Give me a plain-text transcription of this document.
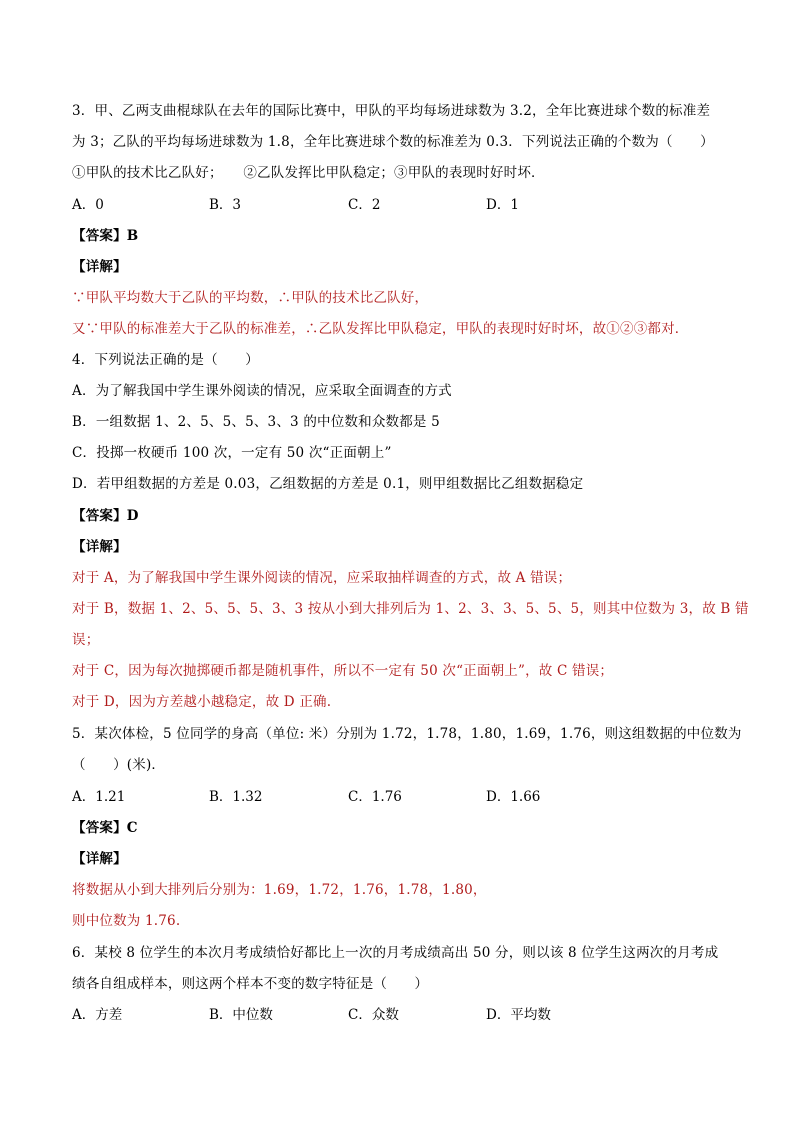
3．甲、乙两支曲棍球队在去年的国际比赛中，甲队的平均每场进球数为 3.2，全年比赛进球个数的标准差
为 3；乙队的平均每场进球数为 1.8，全年比赛进球个数的标准差为 0.3．下列说法正确的个数为（　　）
①甲队的技术比乙队好；　　②乙队发挥比甲队稳定；③甲队的表现时好时坏．
A．0	B．3	C．2	D．1
【答案】B
【详解】
∵甲队平均数大于乙队的平均数，∴甲队的技术比乙队好，
又∵甲队的标准差大于乙队的标准差，∴乙队发挥比甲队稳定，甲队的表现时好时坏，故①②③都对．
4．下列说法正确的是（　　）
A．为了解我国中学生课外阅读的情况，应采取全面调查的方式
B．一组数据 1、2、5、5、5、3、3 的中位数和众数都是 5
C．投掷一枚硬币 100 次，一定有 50 次“正面朝上”
D．若甲组数据的方差是 0.03，乙组数据的方差是 0.1，则甲组数据比乙组数据稳定
【答案】D
【详解】
对于 A，为了解我国中学生课外阅读的情况，应采取抽样调查的方式，故 A 错误；
对于 B，数据 1、2、5、5、5、3、3 按从小到大排列后为 1、2、3、3、5、5、5，则其中位数为 3，故 B 错
误；
对于 C，因为每次抛掷硬币都是随机事件，所以不一定有 50 次“正面朝上”，故 C 错误；
对于 D，因为方差越小越稳定，故 D 正确.
5．某次体检，5 位同学的身高（单位: 米）分别为 1.72，1.78，1.80，1.69，1.76，则这组数据的中位数为
（　　）(米)．
A．1.21	B．1.32	C．1.76	D．1.66
【答案】C
【详解】
将数据从小到大排列后分别为：1.69，1.72，1.76，1.78，1.80，
则中位数为 1.76.
6．某校 8 位学生的本次月考成绩恰好都比上一次的月考成绩高出 50 分，则以该 8 位学生这两次的月考成
绩各自组成样本，则这两个样本不变的数字特征是（　　）
A．方差	B．中位数	C．众数	D．平均数
